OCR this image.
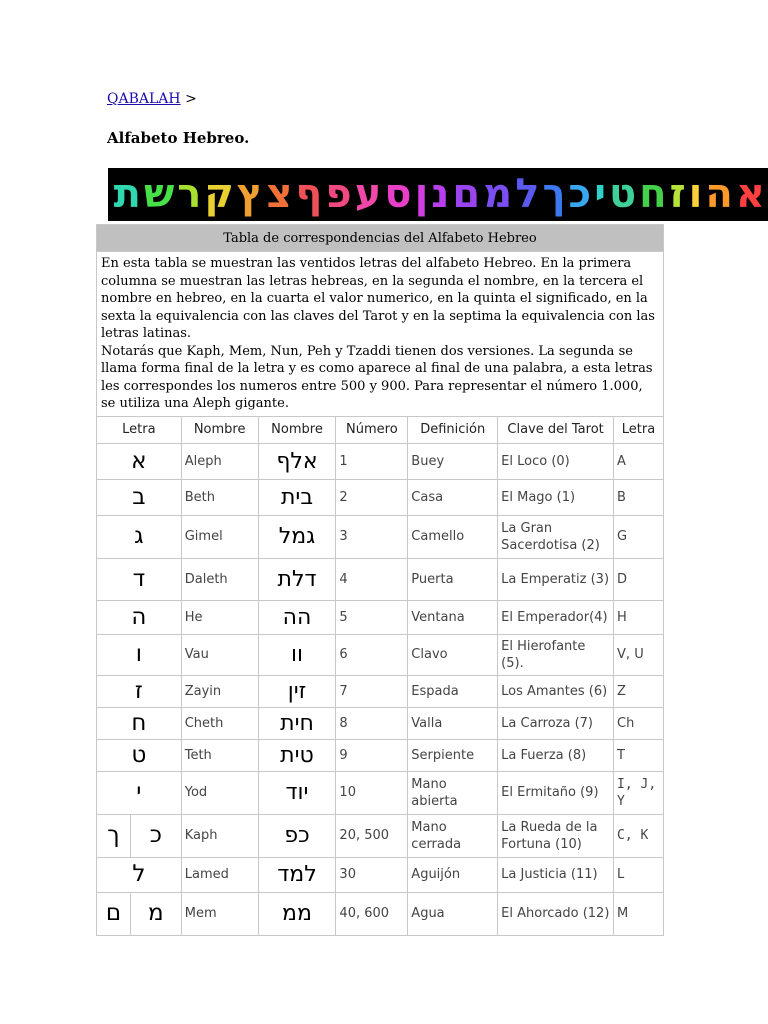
QABALAH >
Alfabeto Hebreo.
אהוזחטיכךלמםנןסעפףצץקרשת
Tabla de correspondencias del Alfabeto Hebreo							

En esta tabla se muestran las ventidos letras del alfabeto Hebreo. En la primera columna se muestran las letras hebreas, en la segunda el nombre, en la tercera el nombre en hebreo, en la cuarta el valor numerico, en la quinta el significado, en la sexta la equivalencia con las claves del Tarot y en la septima la equivalencia con las letras latinas.
Notarás que Kaph, Mem, Nun, Peh y Tzaddi tienen dos versiones. La segunda se llama forma final de la letra y es como aparece al final de una palabra, a esta letras les correspondes los numeros entre 500 y 900. Para representar el número 1.000, se utiliza una Aleph gigante.							

Letra		Nombre	Nombre	Número	Definición	Clave del Tarot	Letra
א		Aleph	אלף	1	Buey	El Loco (0)	A
ב		Beth	בית	2	Casa	El Mago (1)	B
ג		Gimel	גמל	3	Camello	La Gran Sacerdotisa (2)	G
ד		Daleth	דלת	4	Puerta	La Emperatiz (3)	D
ה		He	הה	5	Ventana	El Emperador(4)	H
ו		Vau	וו	6	Clavo	El Hierofante (5).	V, U
ז		Zayin	זין	7	Espada	Los Amantes (6)	Z
ח		Cheth	חית	8	Valla	La Carroza (7)	Ch
ט		Teth	טית	9	Serpiente	La Fuerza (8)	T
י		Yod	יוד	10	Mano abierta	El Ermitaño (9)	I, J, Y
ך	כ	Kaph	כפ	20, 500	Mano cerrada	La Rueda de la Fortuna (10)	C, K
ל		Lamed	למד	30	Aguijón	La Justicia (11)	L
ם	מ	Mem	ממ	40, 600	Agua	El Ahorcado (12)	M
